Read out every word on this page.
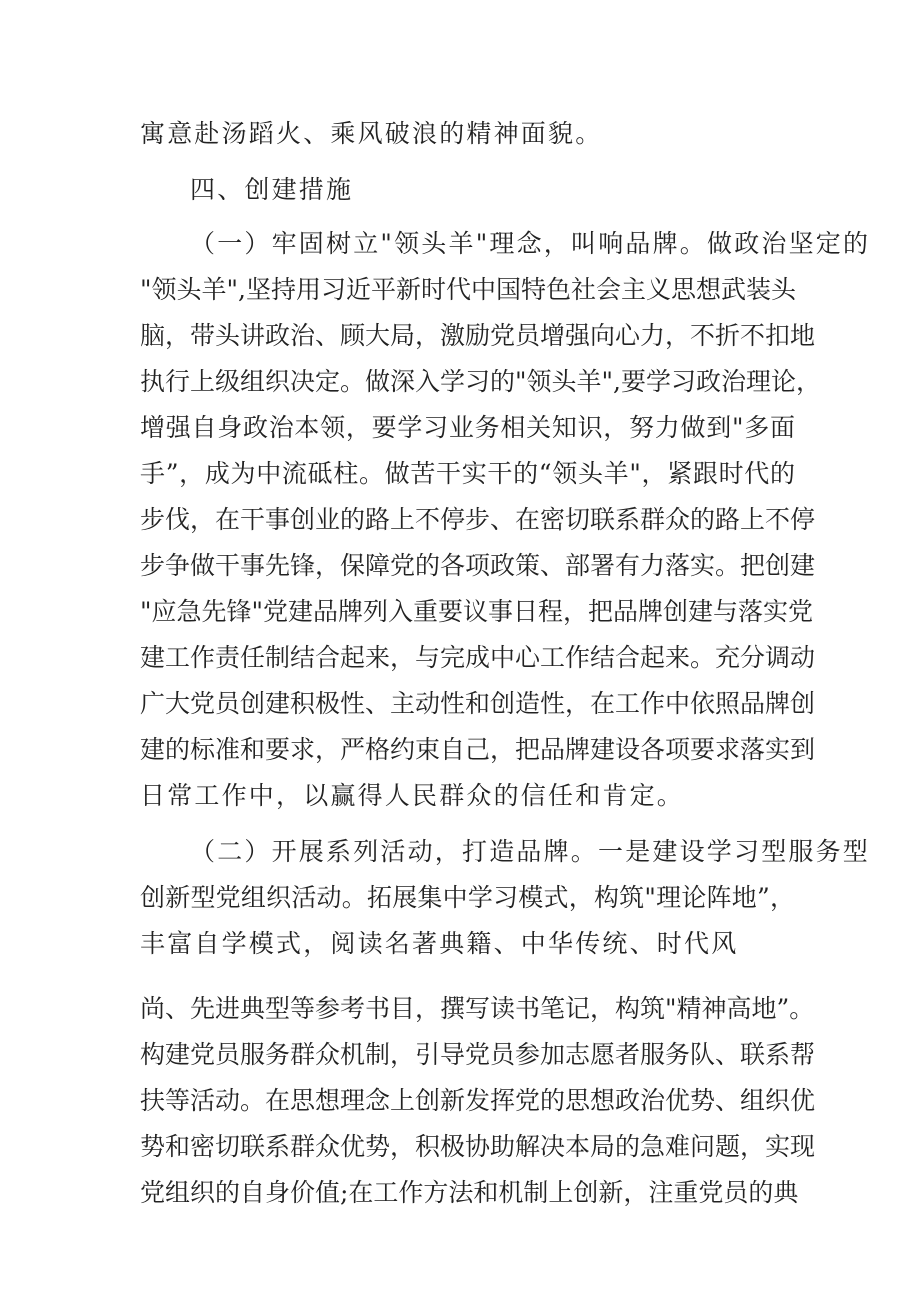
寓意赴汤蹈火、乘风破浪的精神面貌。
四、创建措施
（一）牢固树立"领头羊"理念，叫响品牌。做政治坚定的
"领头羊",坚持用习近平新时代中国特色社会主义思想武装头
脑，带头讲政治、顾大局，激励党员增强向心力，不折不扣地
执行上级组织决定。做深入学习的"领头羊",要学习政治理论，
增强自身政治本领，要学习业务相关知识，努力做到"多面
手”，成为中流砥柱。做苦干实干的“领头羊"，紧跟时代的
步伐，在干事创业的路上不停步、在密切联系群众的路上不停
步争做干事先锋，保障党的各项政策、部署有力落实。把创建
"应急先锋"党建品牌列入重要议事日程，把品牌创建与落实党
建工作责任制结合起来，与完成中心工作结合起来。充分调动
广大党员创建积极性、主动性和创造性，在工作中依照品牌创
建的标准和要求，严格约束自己，把品牌建设各项要求落实到
日常工作中，以赢得人民群众的信任和肯定。
（二）开展系列活动，打造品牌。一是建设学习型服务型
创新型党组织活动。拓展集中学习模式，构筑"理论阵地”，
丰富自学模式，阅读名著典籍、中华传统、时代风
尚、先进典型等参考书目，撰写读书笔记，构筑"精神高地”。
构建党员服务群众机制，引导党员参加志愿者服务队、联系帮
扶等活动。在思想理念上创新发挥党的思想政治优势、组织优
势和密切联系群众优势，积极协助解决本局的急难问题，实现
党组织的自身价值;在工作方法和机制上创新，注重党员的典
